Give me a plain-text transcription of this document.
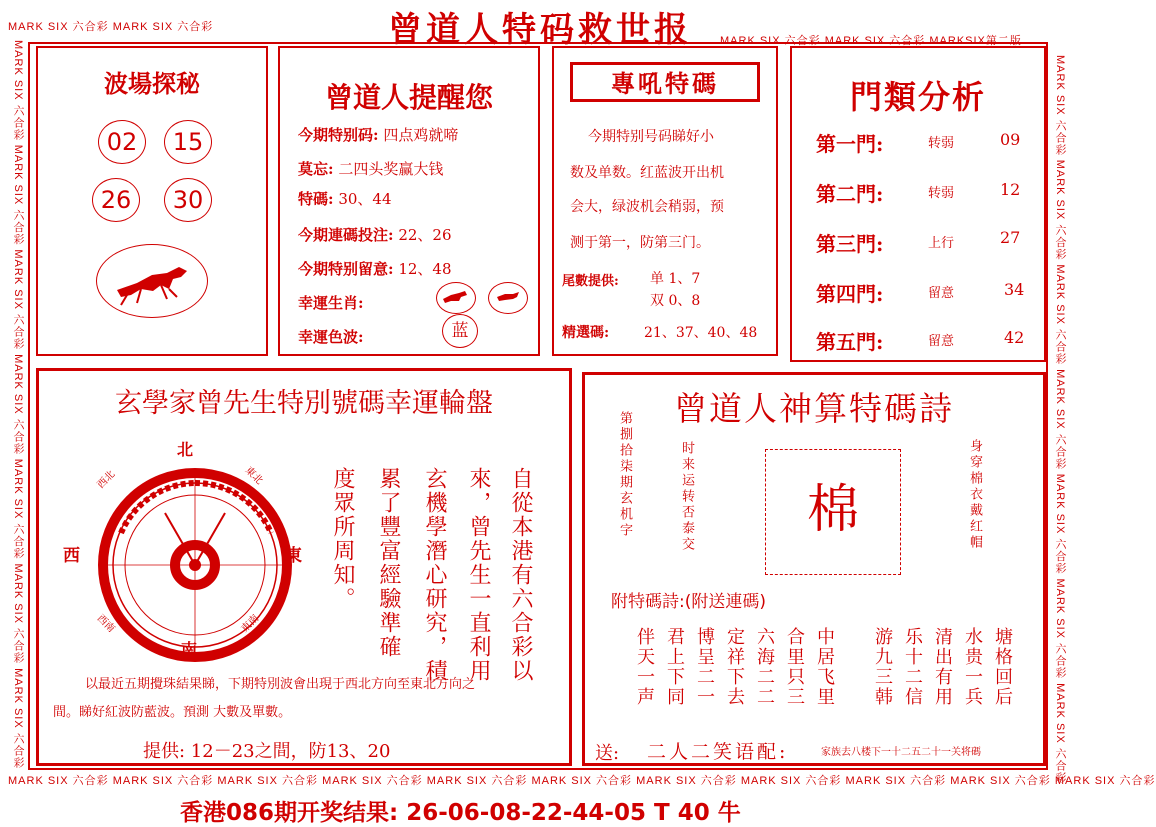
MARK SIX 六合彩 MARK SIX 六合彩
MARK SIX 六合彩 MARK SIX 六合彩 MARKSIX第二版
MARK SIX 六合彩 MARK SIX 六合彩 MARK SIX 六合彩 MARK SIX 六合彩 MARK SIX 六合彩 MARK SIX 六合彩 MARK SIX 六合彩 MARK SIX 六合彩 MARK SIX 六合彩 MARK SIX 六合彩 MARK SIX 六合彩
MARK SIX 六合彩 MARK SIX 六合彩 MARK SIX 六合彩 MARK SIX 六合彩 MARK SIX 六合彩 MARK SIX 六合彩 MARK SIX 六合彩
MARK SIX 六合彩 MARK SIX 六合彩 MARK SIX 六合彩 MARK SIX 六合彩 MARK SIX 六合彩 MARK SIX 六合彩 MARK SIX 六合彩
曾道人特码救世报
波場探秘
02	15
26	30
曾道人提醒您
今期特别码: 四点鸡就啼
莫忘: 二四头奖赢大钱
特碼: 30、44
今期連碼投注: 22、26
今期特别留意: 12、48
幸運生肖:
幸運色波:	蓝
專吼特碼
今期特别号码睇好小
数及单数。红蓝波开出机
会大，绿波机会稍弱，预
测于第一，防第三门。
尾數提供: 单 1、7
双 0、8
精選碼: 21、37、40、48
門類分析
第一門:	转弱	09
第二門:	转弱	12
第三門:	上行	27
第四門:	留意	34
第五門:	留意	42
玄學家曾先生特別號碼幸運輪盤
北
南
東
西
東北
西北
東南
西南	自從本港有六合彩以
來，曾先生一直利用
玄機學潛心研究，積
累了豐富經驗準確
度眾所周知。
以最近五期攪珠結果睇，下期特別波會出現于西北方向至東北方向之
間。睇好紅波防藍波。預測 大數及單數。
提供: 12－23之間，防13、20
曾道人神算特碼詩
第捌拾柒期玄机字	时来运转否泰交	身穿棉衣戴红帽
棉
附特碼詩:(附送連碼)
中居飞里
合里只三
六海二二
定祥下去
博呈二一
君上下同
伴天一声	塘格回后
水贵一兵
清出有用
乐十二信
游九三韩
送: 二人二笑语配:	家族去八楼下一十二五二十一关将碼
香港086期开奖结果: 26-06-08-22-44-05 T 40 牛
